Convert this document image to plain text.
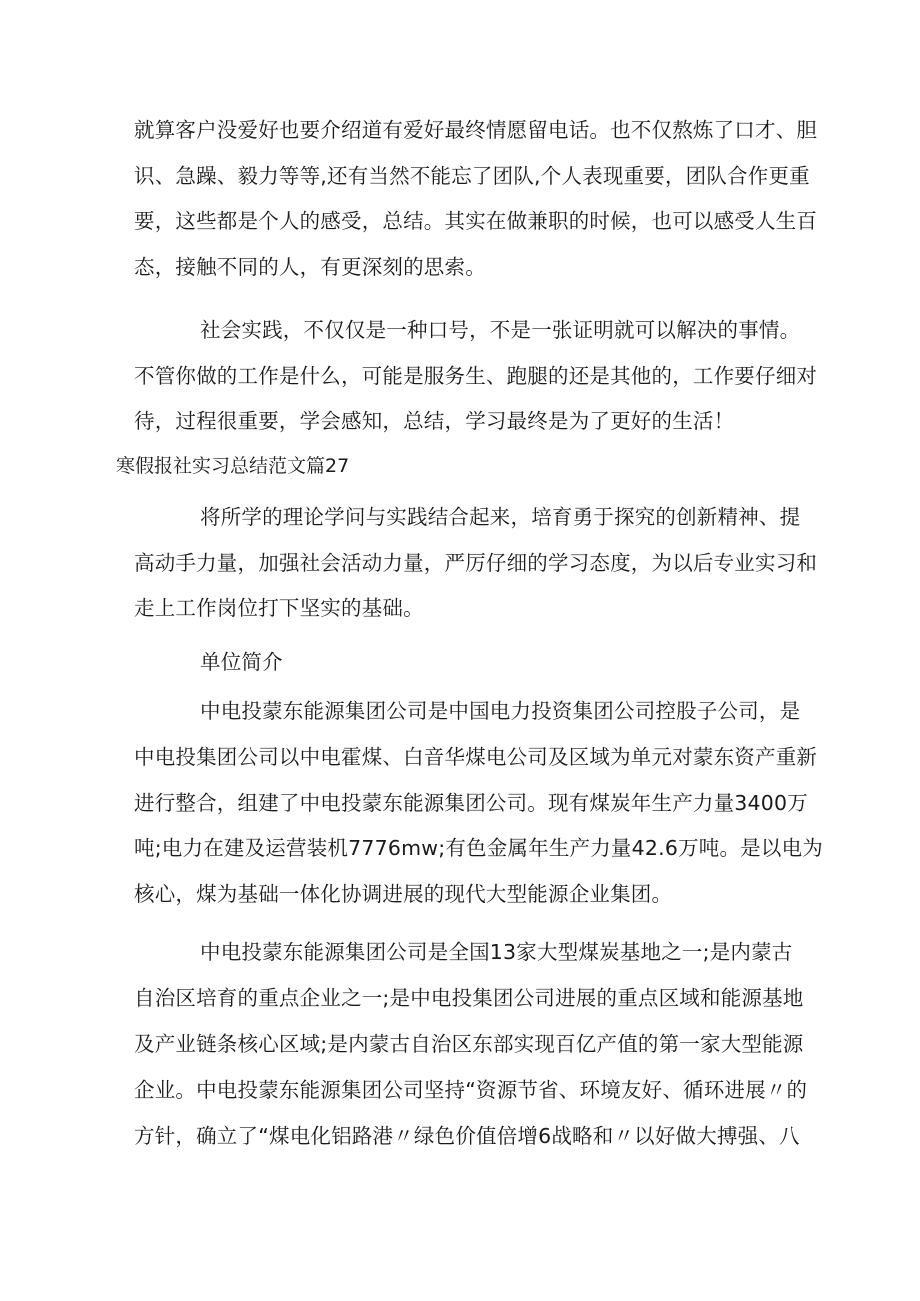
就算客户没爱好也要介绍道有爱好最终情愿留电话。也不仅熬炼了口才、胆
识、急躁、毅力等等,还有当然不能忘了团队,个人表现重要，团队合作更重
要，这些都是个人的感受，总结。其实在做兼职的时候，也可以感受人生百
态，接触不同的人，有更深刻的思索。
社会实践，不仅仅是一种口号，不是一张证明就可以解决的事情。
不管你做的工作是什么，可能是服务生、跑腿的还是其他的，工作要仔细对
待，过程很重要，学会感知，总结，学习最终是为了更好的生活！
寒假报社实习总结范文篇27
将所学的理论学问与实践结合起来，培育勇于探究的创新精神、提
高动手力量，加强社会活动力量，严厉仔细的学习态度，为以后专业实习和
走上工作岗位打下坚实的基础。
单位简介
中电投蒙东能源集团公司是中国电力投资集团公司控股子公司，是
中电投集团公司以中电霍煤、白音华煤电公司及区域为单元对蒙东资产重新
进行整合，组建了中电投蒙东能源集团公司。现有煤炭年生产力量3400万
吨;电力在建及运营装机7776mw;有色金属年生产力量42.6万吨。是以电为
核心，煤为基础一体化协调进展的现代大型能源企业集团。
中电投蒙东能源集团公司是全国13家大型煤炭基地之一;是内蒙古
自治区培育的重点企业之一;是中电投集团公司进展的重点区域和能源基地
及产业链条核心区域;是内蒙古自治区东部实现百亿产值的第一家大型能源
企业。中电投蒙东能源集团公司坚持“资源节省、环境友好、循环进展〃的
方针，确立了“煤电化铝路港〃绿色价值倍增6战略和〃以好做大搏强、八
